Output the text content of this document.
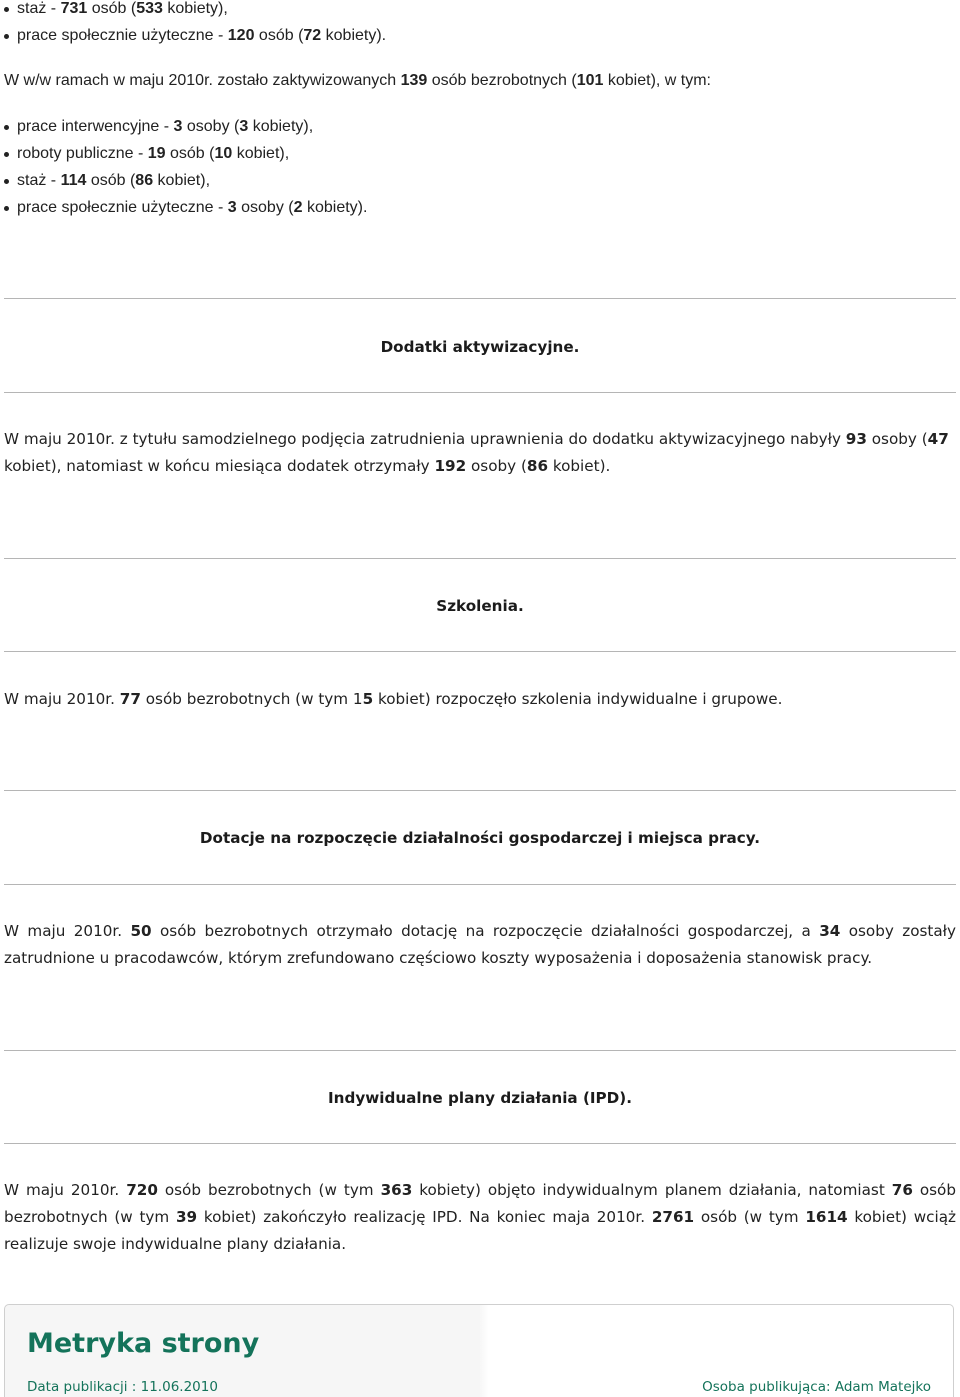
staż - 731 osób (533 kobiety),
prace społecznie użyteczne - 120 osób (72 kobiety).

W w/w ramach w maju 2010r. zostało zaktywizowanych 139 osób bezrobotnych (101 kobiet), w tym:

prace interwencyjne - 3 osoby (3 kobiety),
roboty publiczne - 19 osób (10 kobiet),
staż - 114 osób (86 kobiet),
prace społecznie użyteczne - 3 osoby (2 kobiety).
Dodatki aktywizacyjne.

W maju 2010r. z tytułu samodzielnego podjęcia zatrudnienia uprawnienia do dodatku aktywizacyjnego nabyły 93 osoby (47 kobiet), natomiast w końcu miesiąca dodatek otrzymały 192 osoby (86 kobiet).

Szkolenia.

W maju 2010r. 77 osób bezrobotnych (w tym 15 kobiet) rozpoczęło szkolenia indywidualne i grupowe.

Dotacje na rozpoczęcie działalności gospodarczej i miejsca pracy.

W maju 2010r. 50 osób bezrobotnych otrzymało dotację na rozpoczęcie działalności gospodarczej, a 34 osoby zostały zatrudnione u pracodawców, którym zrefundowano częściowo koszty wyposażenia i doposażenia stanowisk pracy.

Indywidualne plany działania (IPD).

W maju 2010r. 720 osób bezrobotnych (w tym 363 kobiety) objęto indywidualnym planem działania, natomiast 76 osób bezrobotnych (w tym 39 kobiet) zakończyło realizację IPD. Na koniec maja 2010r. 2761 osób (w tym 1614 kobiet) wciąż realizuje swoje indywidualne plany działania.

Metryka strony
Data publikacji : 11.06.2010	Osoba publikująca: Adam Matejko
